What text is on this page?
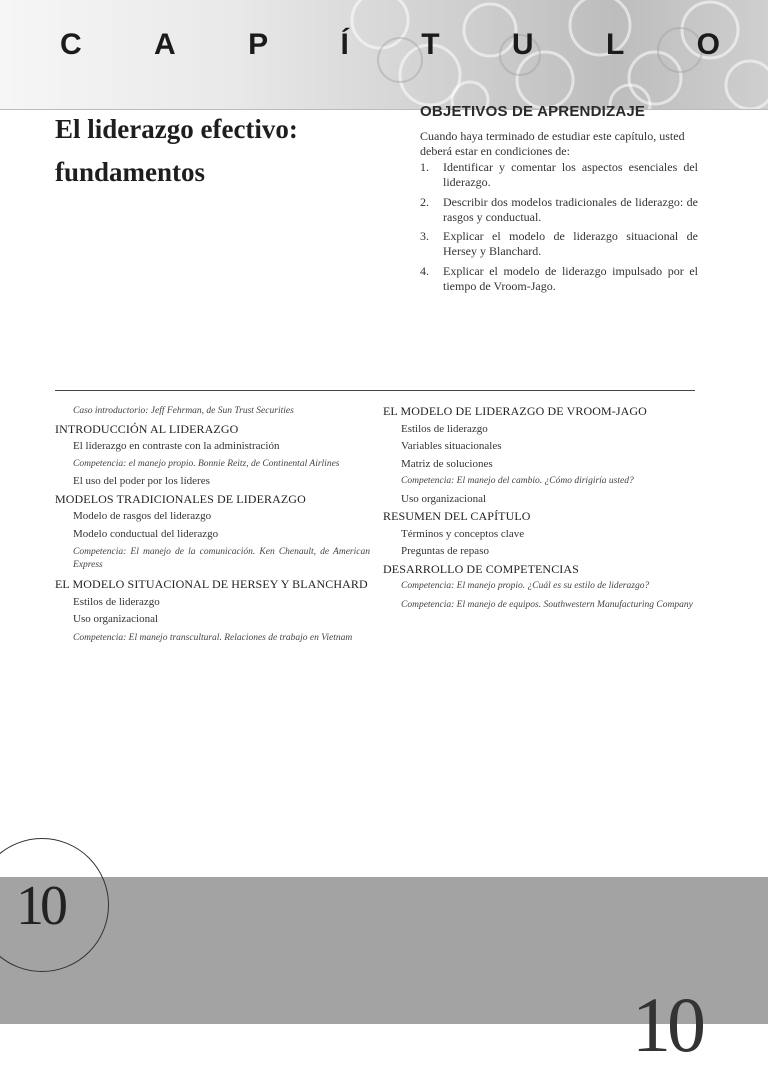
C A P Í T U L O
El liderazgo efectivo:
fundamentos
OBJETIVOS DE APRENDIZAJE
Cuando haya terminado de estudiar este capítulo, usted deberá estar en condiciones de:
1.	Identificar y comentar los aspectos esenciales del liderazgo.
2.	Describir dos modelos tradicionales de liderazgo: de rasgos y conductual.
3.	Explicar el modelo de liderazgo situacional de Hersey y Blanchard.
4.	Explicar el modelo de liderazgo impulsado por el tiempo de Vroom-Jago.
Caso introductorio: Jeff Fehrman, de Sun Trust Securities
INTRODUCCIÓN AL LIDERAZGO
El liderazgo en contraste con la administración
Competencia: el manejo propio. Bonnie Reitz, de Continental Airlines
El uso del poder por los líderes
MODELOS TRADICIONALES DE LIDERAZGO
Modelo de rasgos del liderazgo
Modelo conductual del liderazgo
Competencia: El manejo de la comunicación. Ken Chenault, de American Express
EL MODELO SITUACIONAL DE HERSEY Y BLANCHARD
Estilos de liderazgo
Uso organizacional
Competencia: El manejo transcultural. Relaciones de trabajo en Vietnam
EL MODELO DE LIDERAZGO DE VROOM-JAGO
Estilos de liderazgo
Variables situacionales
Matriz de soluciones
Competencia: El manejo del cambio. ¿Cómo dirigiría usted?
Uso organizacional
RESUMEN DEL CAPÍTULO
Términos y conceptos clave
Preguntas de repaso
DESARROLLO DE COMPETENCIAS
Competencia: El manejo propio. ¿Cuál es su estilo de liderazgo?
Competencia: El manejo de equipos. Southwestern Manufacturing Company
10
10
